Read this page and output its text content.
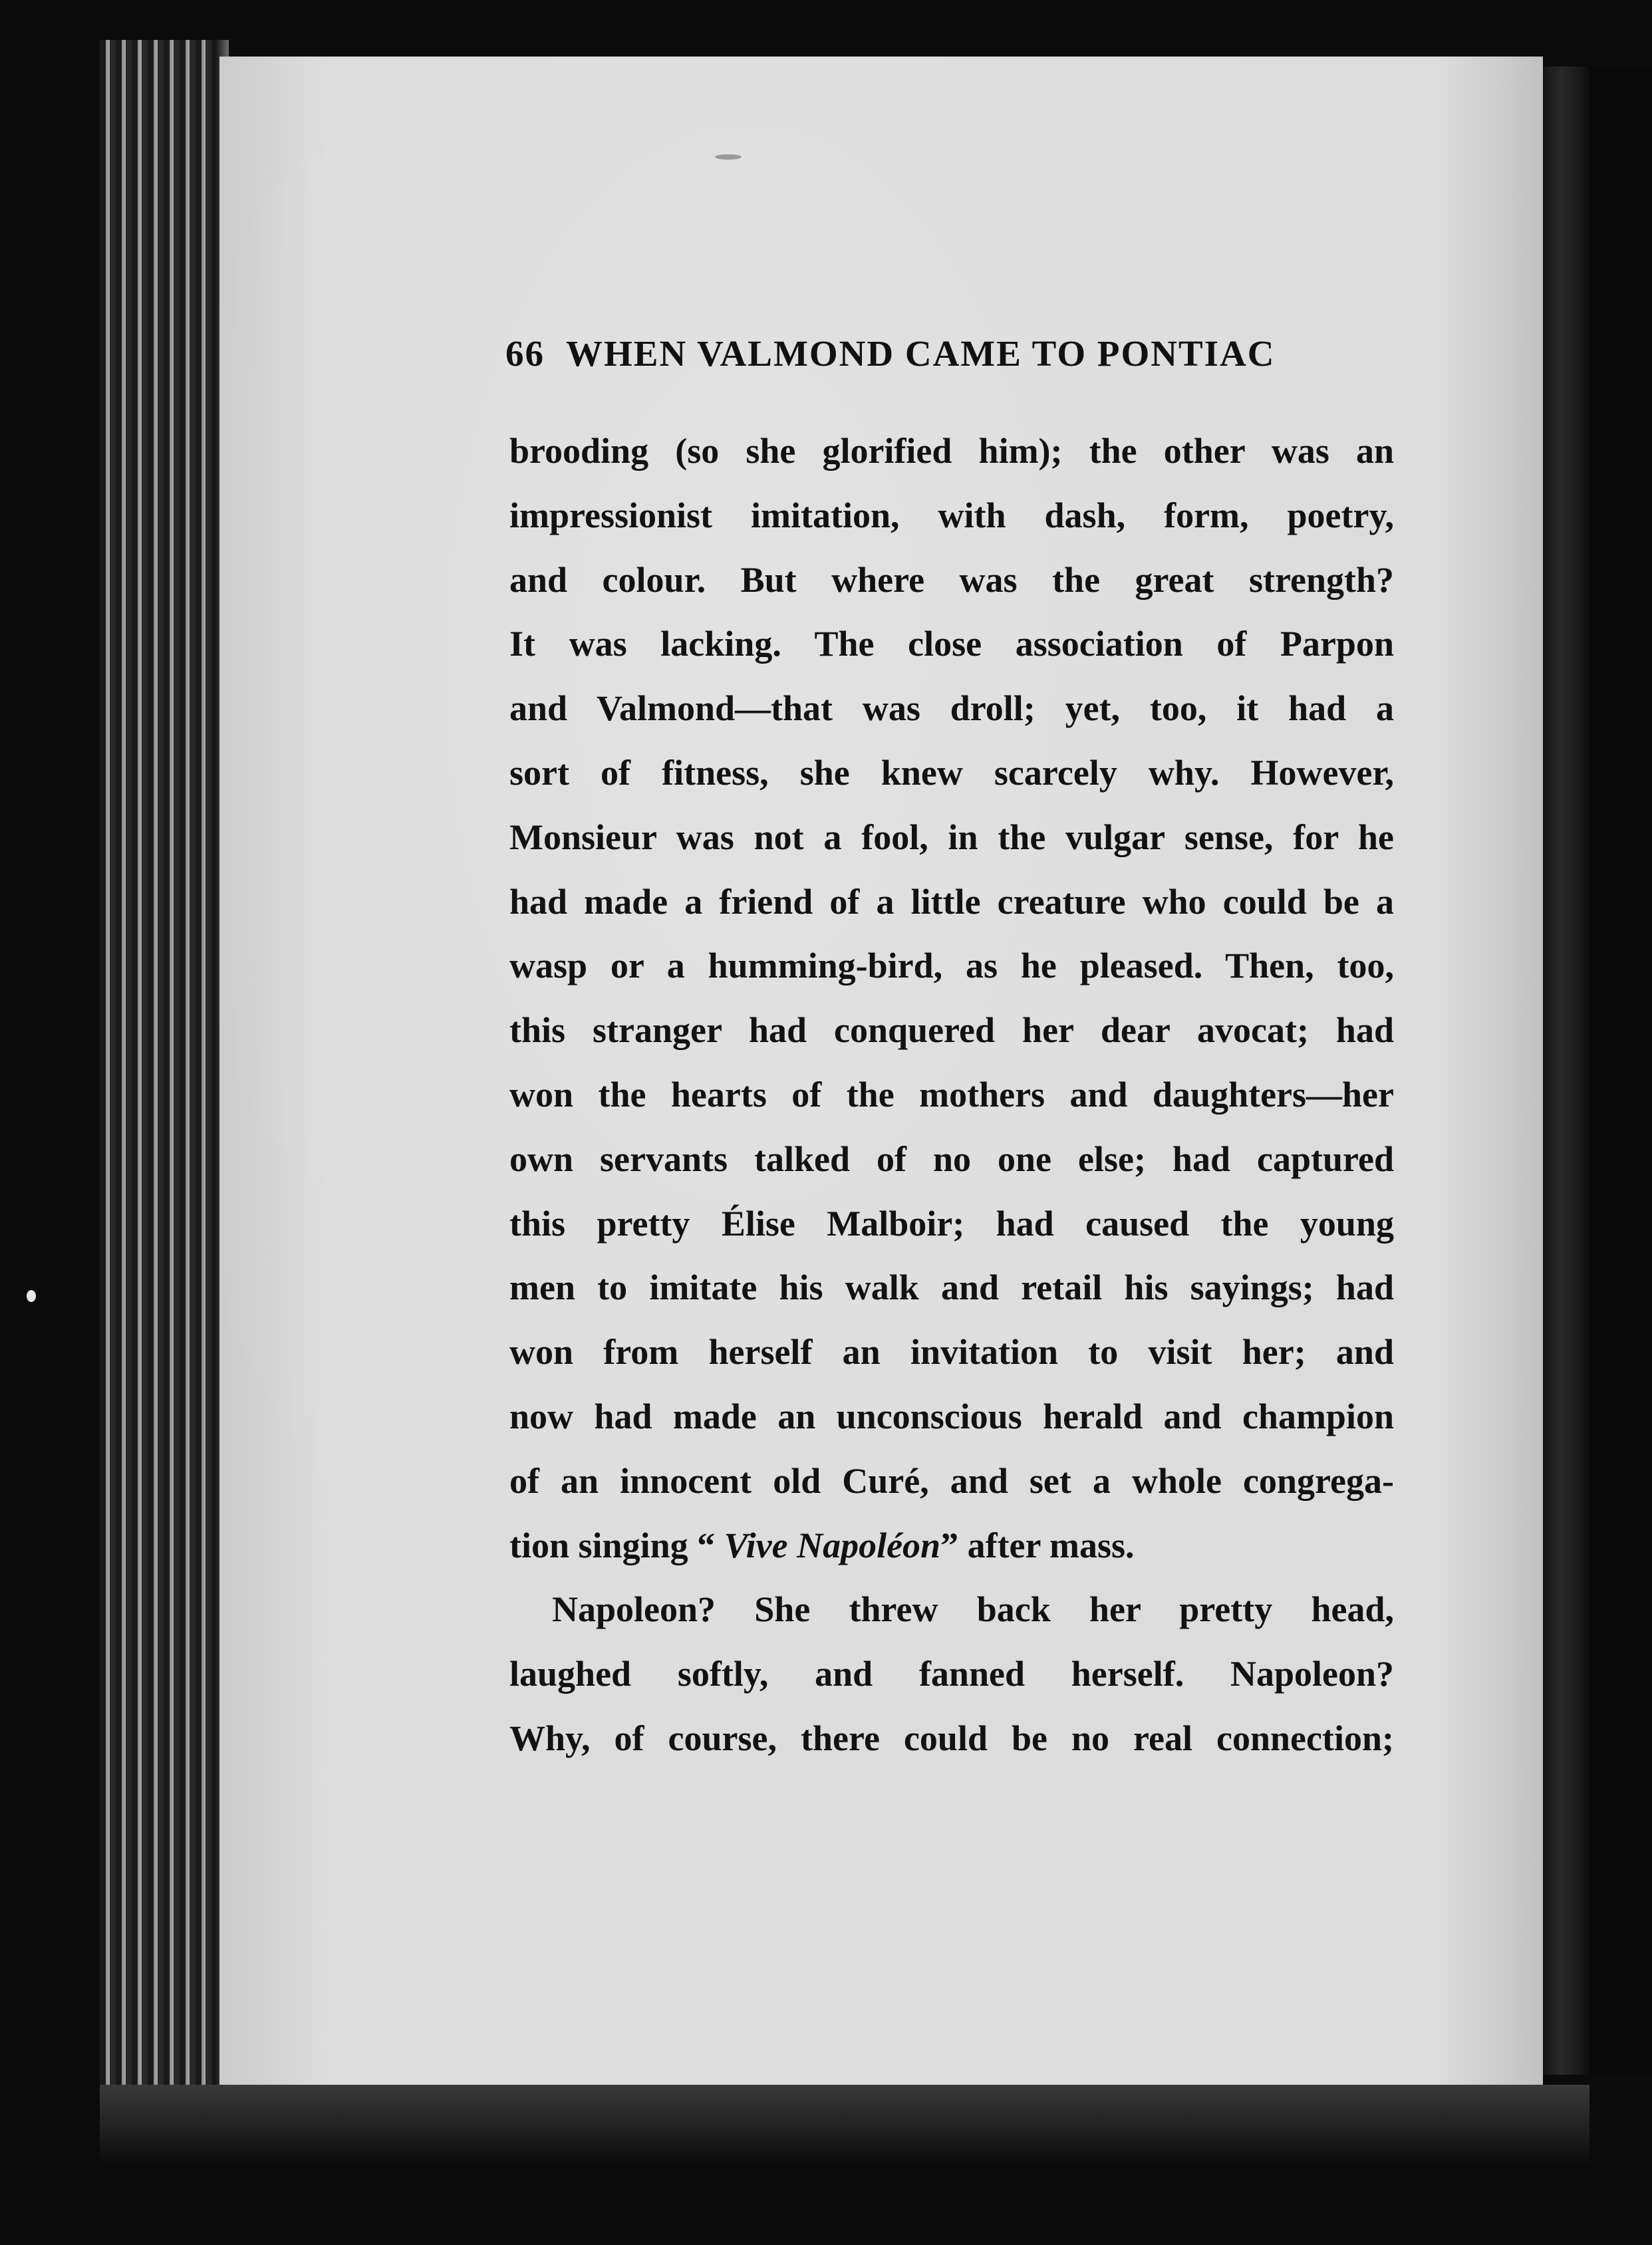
66 WHEN VALMOND CAME TO PONTIAC
brooding (so she glorified him); the other was an
impressionist imitation, with dash, form, poetry,
and colour. But where was the great strength?
It was lacking. The close association of Parpon
and Valmond—that was droll; yet, too, it had a
sort of fitness, she knew scarcely why. However,
Monsieur was not a fool, in the vulgar sense, for he
had made a friend of a little creature who could be a
wasp or a humming-bird, as he pleased. Then, too,
this stranger had conquered her dear avocat; had
won the hearts of the mothers and daughters—her
own servants talked of no one else; had captured
this pretty Élise Malboir; had caused the young
men to imitate his walk and retail his sayings; had
won from herself an invitation to visit her; and
now had made an unconscious herald and champion
of an innocent old Curé, and set a whole congrega-
tion singing “ Vive Napoléon” after mass.
Napoleon? She threw back her pretty head,
laughed softly, and fanned herself. Napoleon?
Why, of course, there could be no real connection;
